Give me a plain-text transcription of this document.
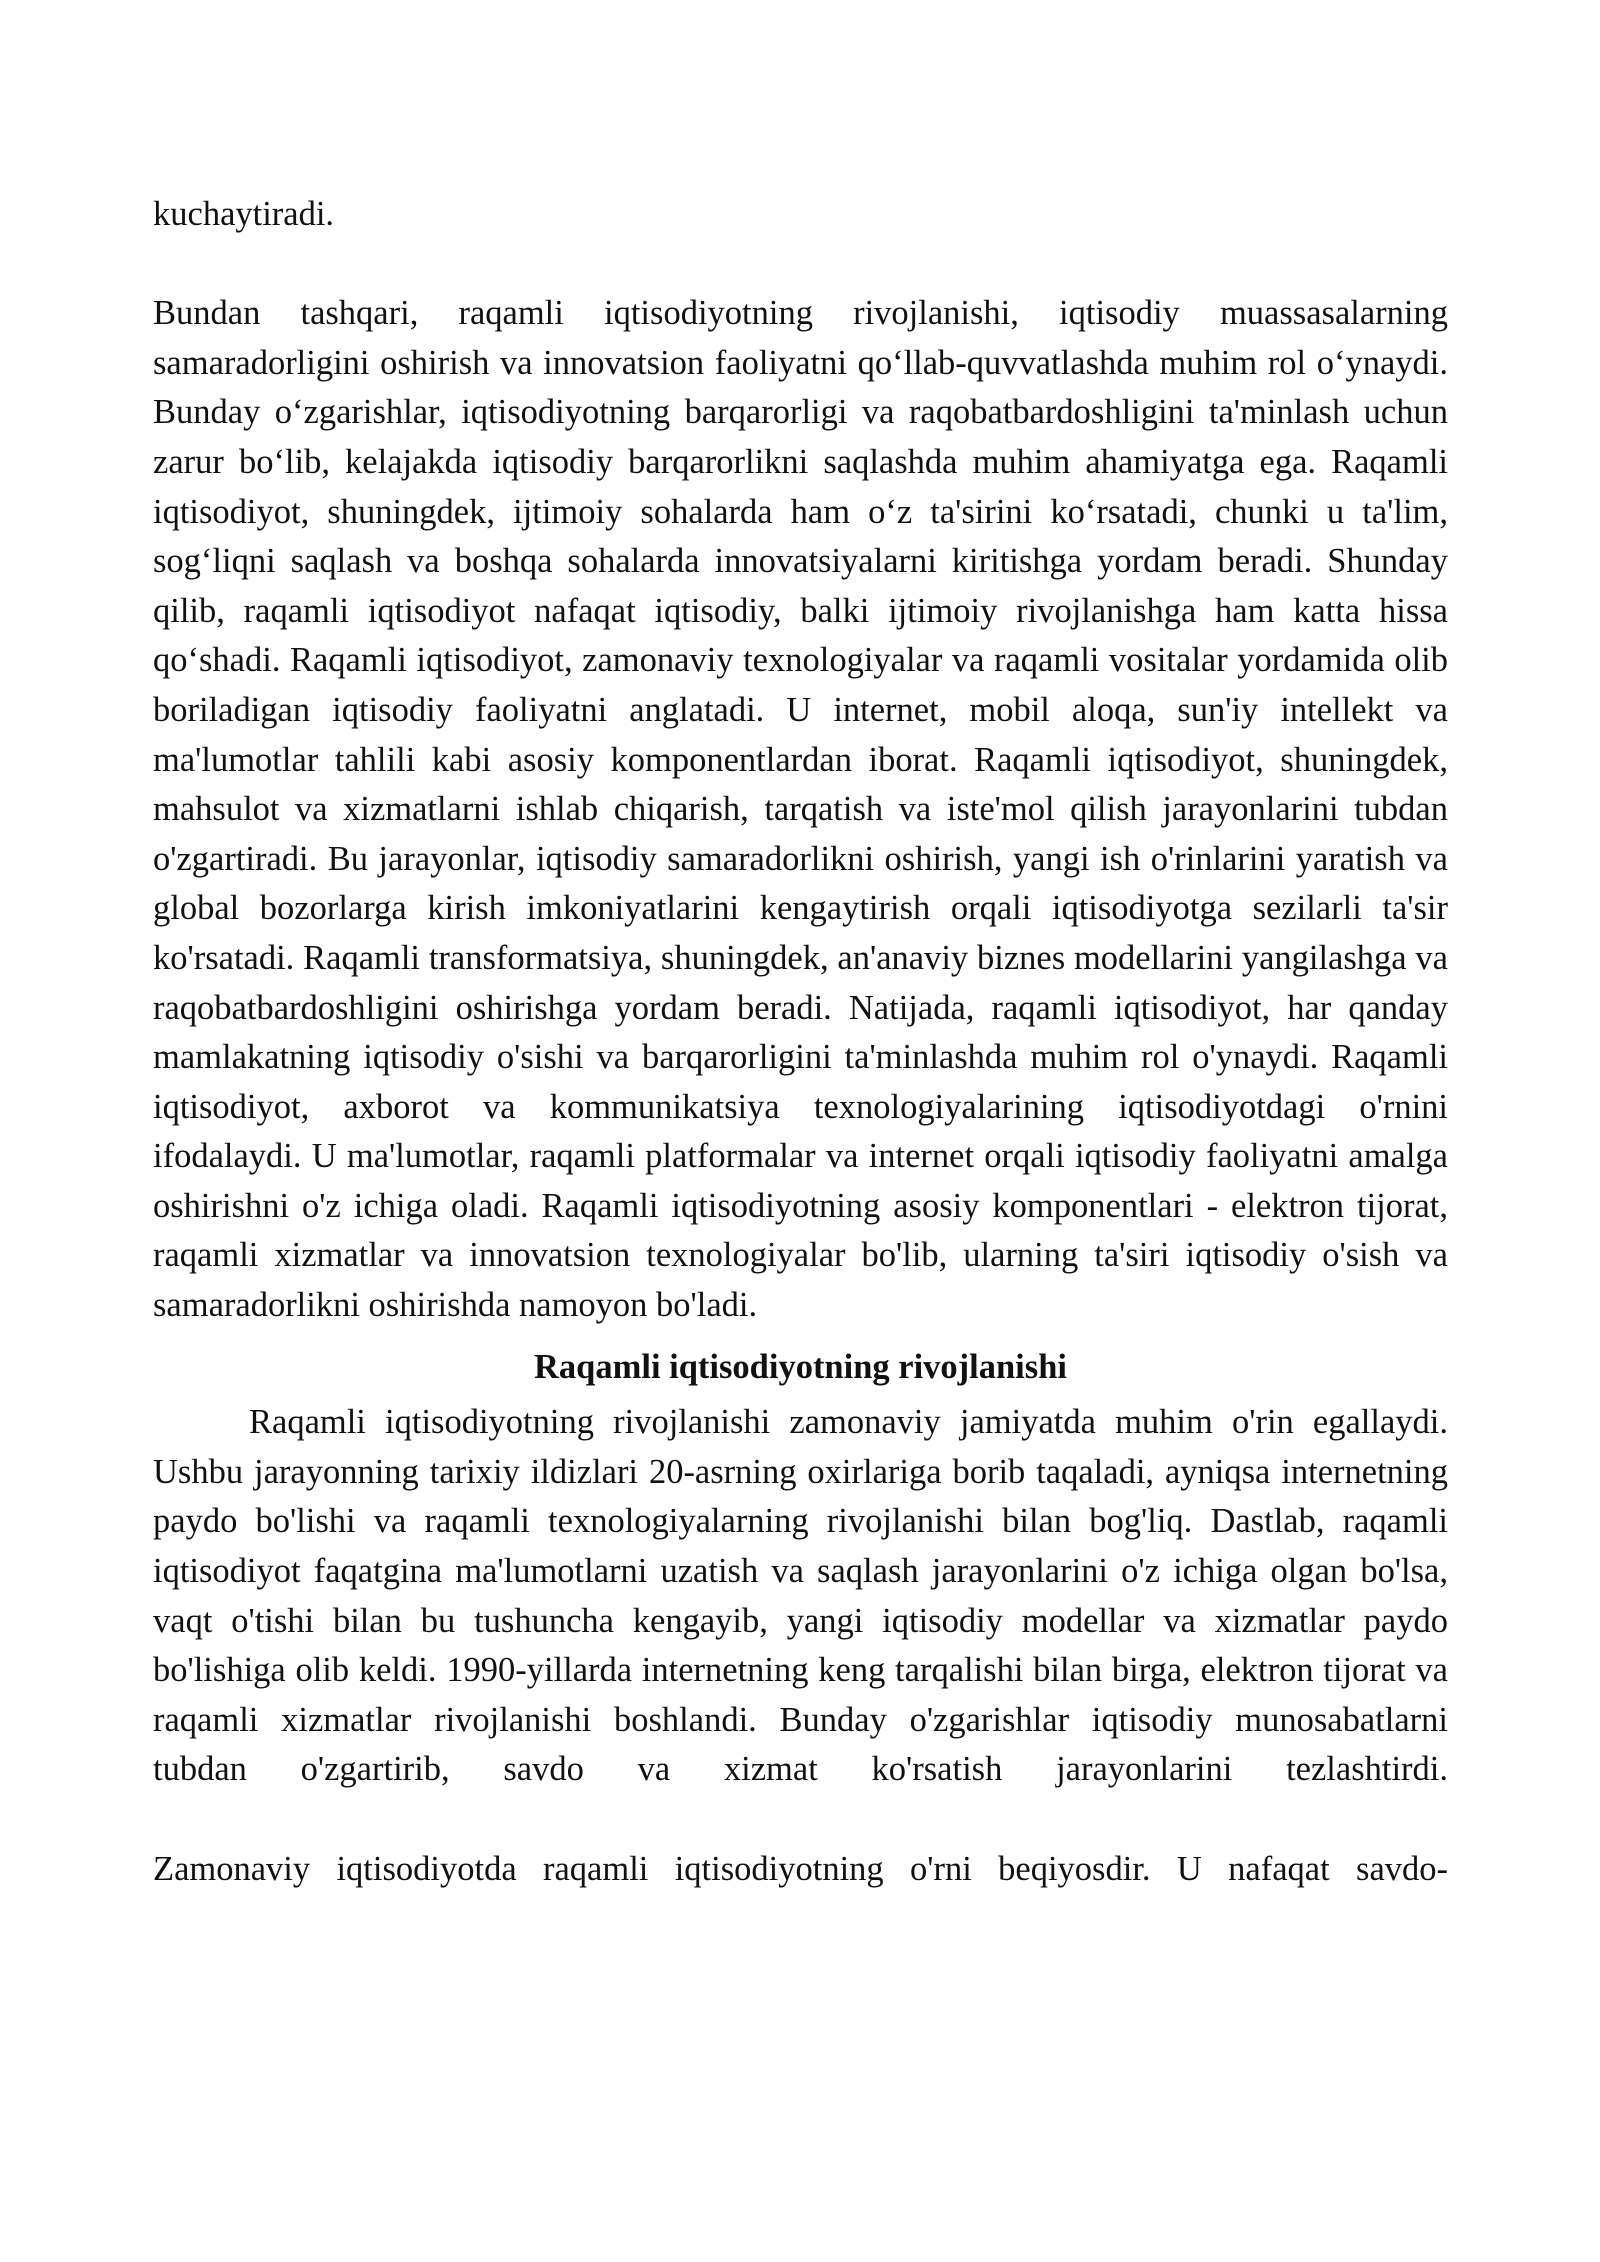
kuchaytiradi.

Bundan tashqari, raqamli iqtisodiyotning rivojlanishi, iqtisodiy muassasalarning samaradorligini oshirish va innovatsion faoliyatni qo‘llab-quvvatlashda muhim rol o‘ynaydi. Bunday o‘zgarishlar, iqtisodiyotning barqarorligi va raqobatbardoshligini ta'minlash uchun zarur bo‘lib, kelajakda iqtisodiy barqarorlikni saqlashda muhim ahamiyatga ega. Raqamli iqtisodiyot, shuningdek, ijtimoiy sohalarda ham o‘z ta'sirini ko‘rsatadi, chunki u ta'lim, sog‘liqni saqlash va boshqa sohalarda innovatsiyalarni kiritishga yordam beradi. Shunday qilib, raqamli iqtisodiyot nafaqat iqtisodiy, balki ijtimoiy rivojlanishga ham katta hissa qo‘shadi. Raqamli iqtisodiyot, zamonaviy texnologiyalar va raqamli vositalar yordamida olib boriladigan iqtisodiy faoliyatni anglatadi. U internet, mobil aloqa, sun'iy intellekt va ma'lumotlar tahlili kabi asosiy komponentlardan iborat. Raqamli iqtisodiyot, shuningdek, mahsulot va xizmatlarni ishlab chiqarish, tarqatish va iste'mol qilish jarayonlarini tubdan o'zgartiradi. Bu jarayonlar, iqtisodiy samaradorlikni oshirish, yangi ish o'rinlarini yaratish va global bozorlarga kirish imkoniyatlarini kengaytirish orqali iqtisodiyotga sezilarli ta'sir ko'rsatadi. Raqamli transformatsiya, shuningdek, an'anaviy biznes modellarini yangilashga va raqobatbardoshligini oshirishga yordam beradi. Natijada, raqamli iqtisodiyot, har qanday mamlakatning iqtisodiy o'sishi va barqarorligini ta'minlashda muhim rol o'ynaydi. Raqamli iqtisodiyot, axborot va kommunikatsiya texnologiyalarining iqtisodiyotdagi o'rnini ifodalaydi. U ma'lumotlar, raqamli platformalar va internet orqali iqtisodiy faoliyatni amalga oshirishni o'z ichiga oladi. Raqamli iqtisodiyotning asosiy komponentlari - elektron tijorat, raqamli xizmatlar va innovatsion texnologiyalar bo'lib, ularning ta'siri iqtisodiy o'sish va samaradorlikni oshirishda namoyon bo'ladi.

Raqamli iqtisodiyotning rivojlanishi

Raqamli iqtisodiyotning rivojlanishi zamonaviy jamiyatda muhim o'rin egallaydi. Ushbu jarayonning tarixiy ildizlari 20-asrning oxirlariga borib taqaladi, ayniqsa internetning paydo bo'lishi va raqamli texnologiyalarning rivojlanishi bilan bog'liq. Dastlab, raqamli iqtisodiyot faqatgina ma'lumotlarni uzatish va saqlash jarayonlarini o'z ichiga olgan bo'lsa, vaqt o'tishi bilan bu tushuncha kengayib, yangi iqtisodiy modellar va xizmatlar paydo bo'lishiga olib keldi. 1990-yillarda internetning keng tarqalishi bilan birga, elektron tijorat va raqamli xizmatlar rivojlanishi boshlandi. Bunday o'zgarishlar iqtisodiy munosabatlarni tubdan o'zgartirib, savdo va xizmat ko'rsatish jarayonlarini tezlashtirdi.

Zamonaviy iqtisodiyotda raqamli iqtisodiyotning o'rni beqiyosdir. U nafaqat savdo-
